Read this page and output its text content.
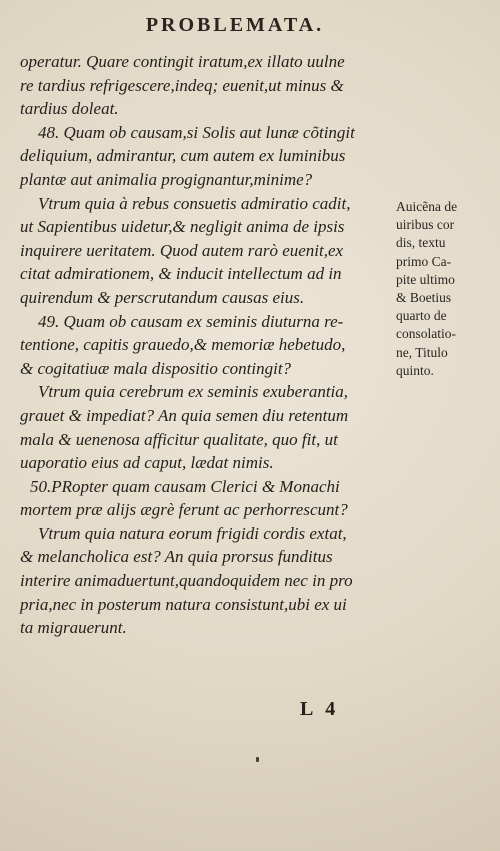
PROBLEMATA.
operatur. Quare contingit iratum,ex illato uulne
re tardius refrigescere,indeq; euenit,ut minus &
tardius doleat.
48. Quam ob causam,si Solis aut lunæ cõtingit
deliquium, admirantur, cum autem ex luminibus
plantæ aut animalia progignantur,minime?
Vtrum quia à rebus consuetis admiratio cadit,
ut Sapientibus uidetur,& negligit anima de ipsis
inquirere ueritatem. Quod autem rarò euenit,ex
citat admirationem, & inducit intellectum ad in
quirendum & perscrutandum causas eius.
49. Quam ob causam ex seminis diuturna re-
tentione, capitis grauedo,& memoriæ hebetudo,
& cogitatiuæ mala dispositio contingit?
Vtrum quia cerebrum ex seminis exuberantia,
grauet & impediat? An quia semen diu retentum
mala & uenenosa afficitur qualitate, quo fit, ut
uaporatio eius ad caput, lædat nimis.
50.PRopter quam causam Clerici & Monachi
mortem præ alijs ægrè ferunt ac perhorrescunt?
Vtrum quia natura eorum frigidi cordis extat,
& melancholica est? An quia prorsus funditus
interire animaduertunt,quandoquidem nec in pro
pria,nec in posterum natura consistunt,ubi ex ui
ta migrauerunt.
Auicẽna de
uiribus cor
dis, textu
primo Ca-
pite ultimo
& Boetius
quarto de
consolatio-
ne, Titulo
quinto.
L 4
